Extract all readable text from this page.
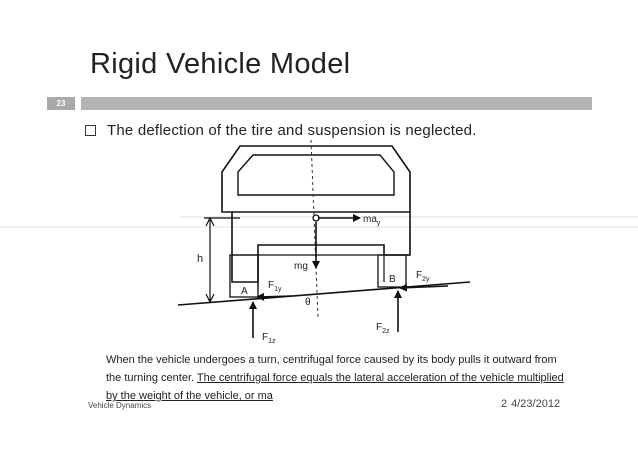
Rigid Vehicle Model
23
The deflection of the tire and suspension is neglected.
h
$ma_y$
mg
$F_{1y}$
A
$F_{2y}$
B
θ
$F_{1z}$
$F_{2z}$
When the vehicle undergoes a turn, centrifugal force caused by its body pulls it outward from the turning center. The centrifugal force equals the lateral acceleration of the vehicle multiplied by the weight of the vehicle, or ma
Vehicle Dynamics	2 4/23/2012
